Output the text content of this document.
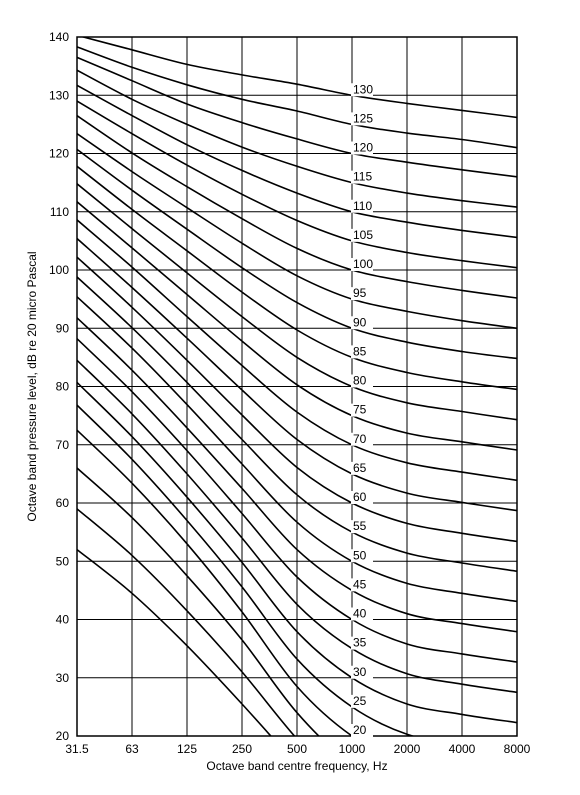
31.5	63	125	250	500	1000 2000 4000 8000
20
30
40
50
60
70
80
90
100
110
120
130
140
130
125
120
115
110
105
100
95
90
85
80
75
70
65
60
55
50
45
40
35
30
25
20
Octave band centre frequency, Hz
Octave band pressure level, dB re 20 micro Pascal
